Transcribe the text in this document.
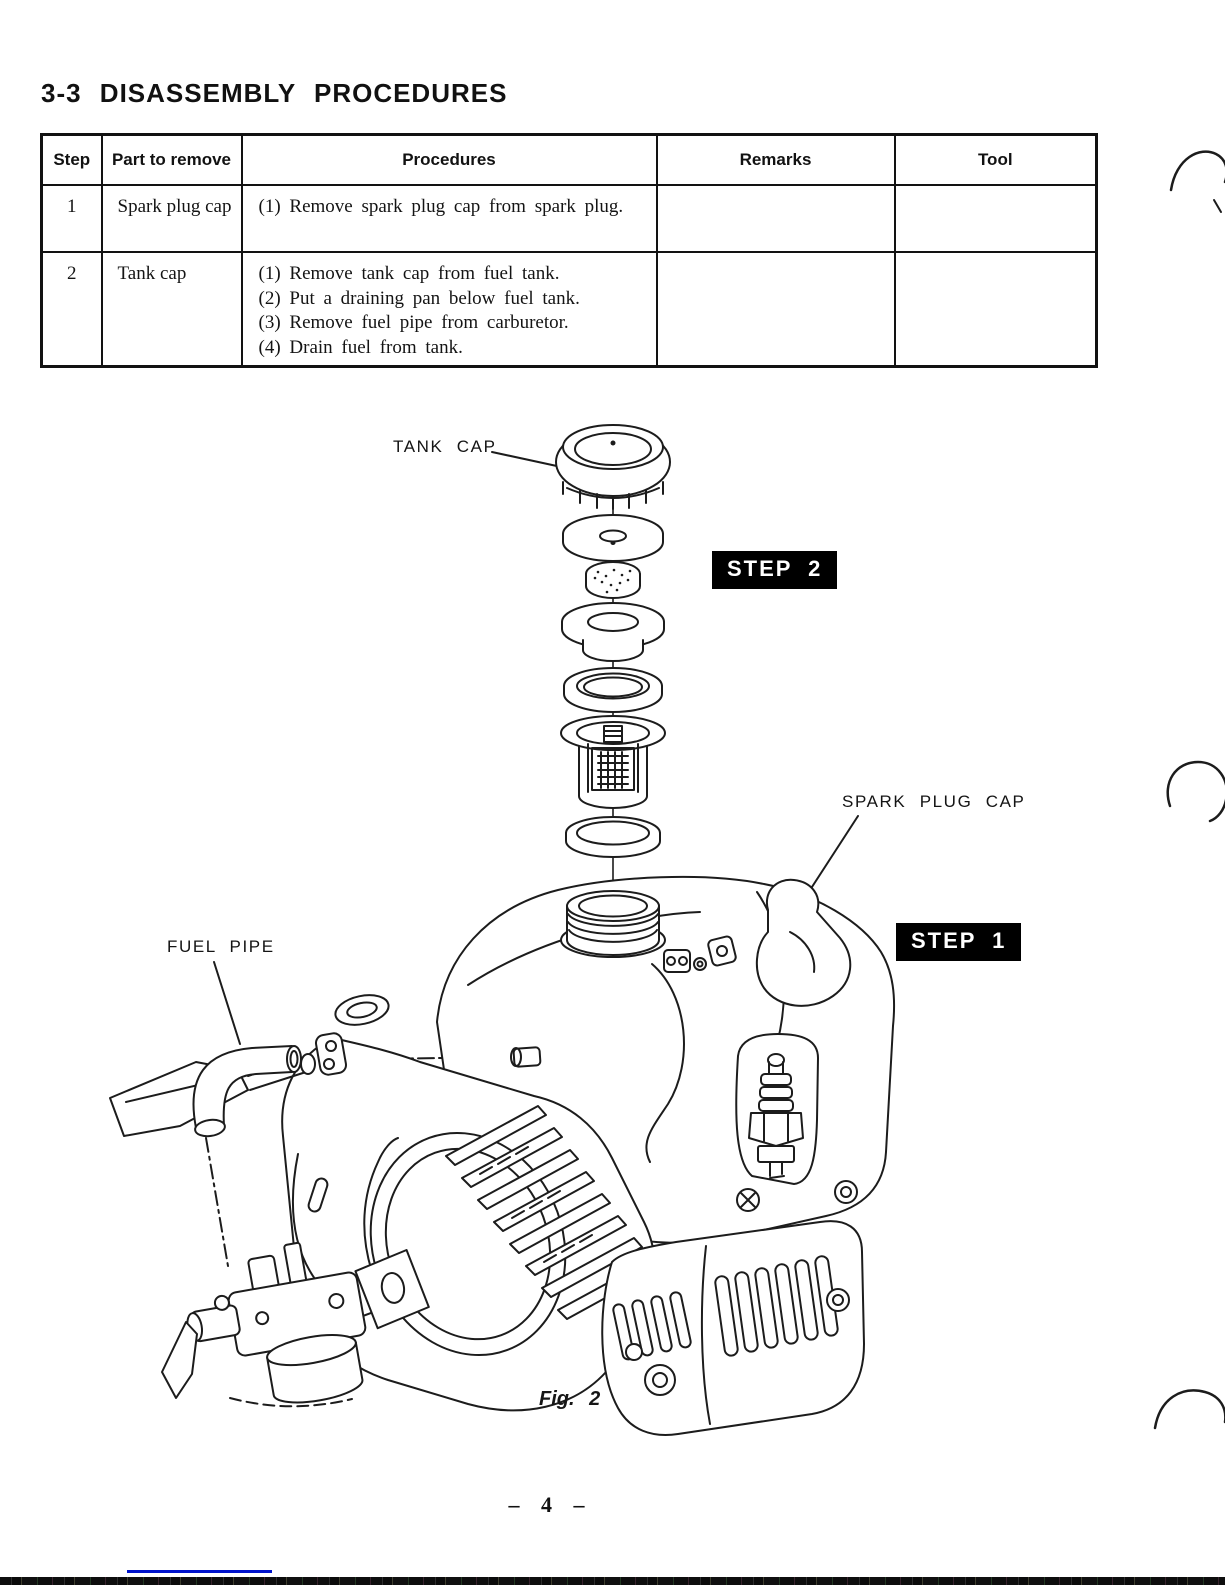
3-3 DISASSEMBLY PROCEDURES
Step	Part to remove	Procedures	Remarks	Tool
1	Spark plug cap	(1) Remove spark plug cap from spark plug.		

2	Tank cap	(1) Remove tank cap from fuel tank.
(2) Put a draining pan below fuel tank.
(3) Remove fuel pipe from carburetor.
(4) Drain fuel from tank.		

TANK CAP
STEP 2
SPARK PLUG CAP
STEP 1
FUEL PIPE
Fig. 2
– 4 –
